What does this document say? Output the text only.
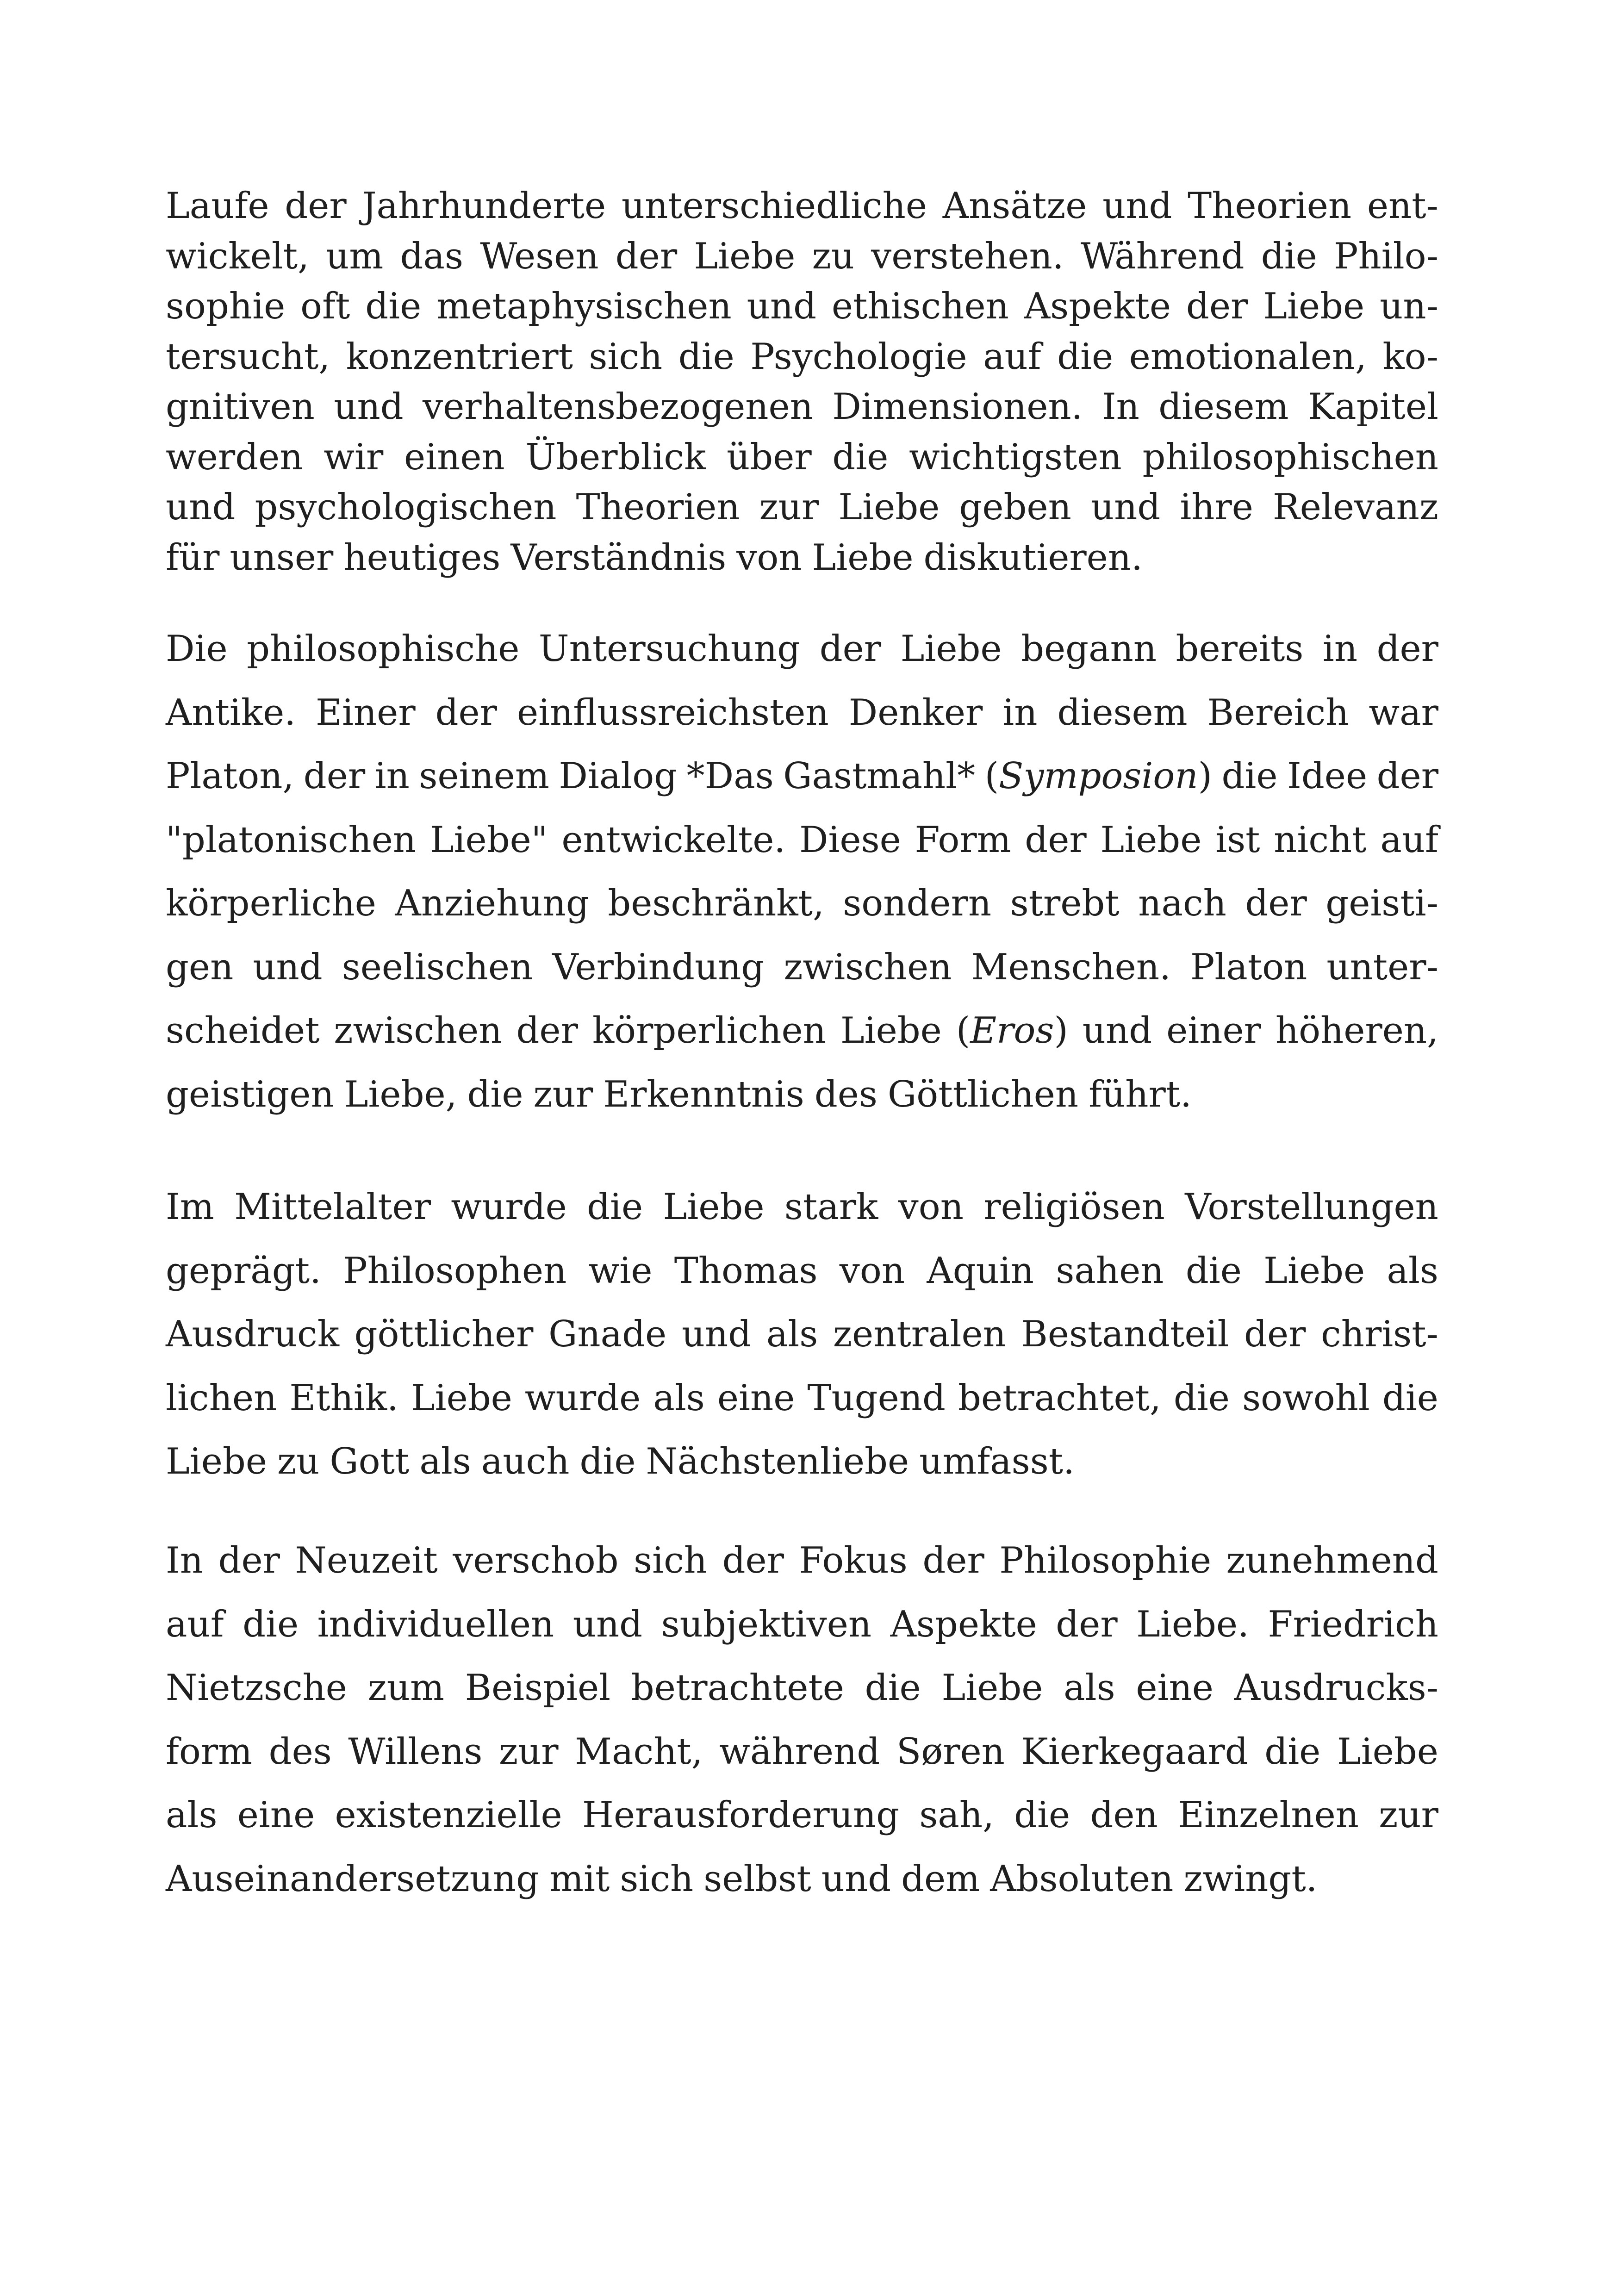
Laufe der Jahrhunderte unterschiedliche Ansätze und Theorien ent-
wickelt, um das Wesen der Liebe zu verstehen. Während die Philo-
sophie oft die metaphysischen und ethischen Aspekte der Liebe un-
tersucht, konzentriert sich die Psychologie auf die emotionalen, ko-
gnitiven und verhaltensbezogenen Dimensionen. In diesem Kapitel
werden wir einen Überblick über die wichtigsten philosophischen
und psychologischen Theorien zur Liebe geben und ihre Relevanz
für unser heutiges Verständnis von Liebe diskutieren.
Die philosophische Untersuchung der Liebe begann bereits in der
Antike. Einer der einflussreichsten Denker in diesem Bereich war
Platon, der in seinem Dialog *Das Gastmahl* (Symposion) die Idee der
"platonischen Liebe" entwickelte. Diese Form der Liebe ist nicht auf
körperliche Anziehung beschränkt, sondern strebt nach der geisti-
gen und seelischen Verbindung zwischen Menschen. Platon unter-
scheidet zwischen der körperlichen Liebe (Eros) und einer höheren,
geistigen Liebe, die zur Erkenntnis des Göttlichen führt.
Im Mittelalter wurde die Liebe stark von religiösen Vorstellungen
geprägt. Philosophen wie Thomas von Aquin sahen die Liebe als
Ausdruck göttlicher Gnade und als zentralen Bestandteil der christ-
lichen Ethik. Liebe wurde als eine Tugend betrachtet, die sowohl die
Liebe zu Gott als auch die Nächstenliebe umfasst.
In der Neuzeit verschob sich der Fokus der Philosophie zunehmend
auf die individuellen und subjektiven Aspekte der Liebe. Friedrich
Nietzsche zum Beispiel betrachtete die Liebe als eine Ausdrucks-
form des Willens zur Macht, während Søren Kierkegaard die Liebe
als eine existenzielle Herausforderung sah, die den Einzelnen zur
Auseinandersetzung mit sich selbst und dem Absoluten zwingt.
